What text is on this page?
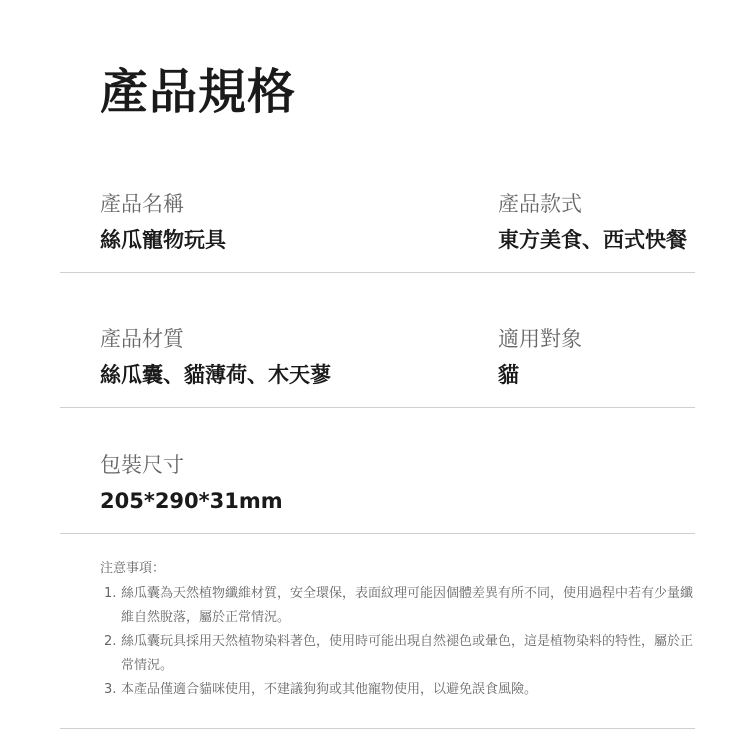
產品規格
產品名稱
絲瓜寵物玩具
產品款式
東方美食、西式快餐
產品材質
絲瓜囊、貓薄荷、木天蓼
適用對象
貓
包裝尺寸
205*290*31mm
注意事項：
1. 絲瓜囊為天然植物纖維材質，安全環保，表面紋理可能因個體差異有所不同，使用過程中若有少量纖維自然脫落，屬於正常情況。
2. 絲瓜囊玩具採用天然植物染料著色，使用時可能出現自然褪色或暈色，這是植物染料的特性，屬於正常情況。
3. 本產品僅適合貓咪使用，不建議狗狗或其他寵物使用，以避免誤食風險。
